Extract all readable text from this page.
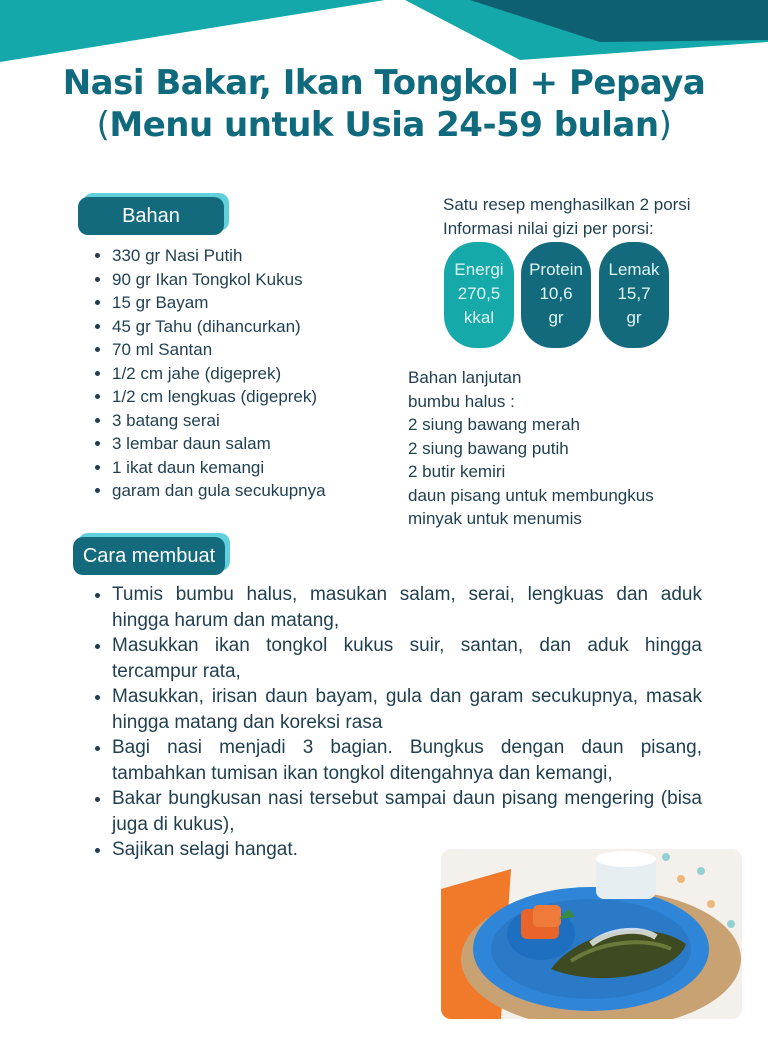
Nasi Bakar, Ikan Tongkol + Pepaya
(Menu untuk Usia 24-59 bulan)
Bahan
• 330 gr Nasi Putih
• 90 gr Ikan Tongkol Kukus
• 15 gr Bayam
• 45 gr Tahu (dihancurkan)
• 70 ml Santan
• 1/2 cm jahe (digeprek)
• 1/2 cm lengkuas (digeprek)
• 3 batang serai
• 3 lembar daun salam
• 1 ikat daun kemangi
• garam dan gula secukupnya
Satu resep menghasilkan 2 porsi
Informasi nilai gizi per porsi:
Energi
270,5
kkal
Protein
10,6
gr
Lemak
15,7
gr
Bahan lanjutan
bumbu halus :
2 siung bawang merah
2 siung bawang putih
2 butir kemiri
daun pisang untuk membungkus
minyak untuk menumis
Cara membuat
• Tumis bumbu halus, masukan salam, serai, lengkuas dan aduk hingga harum dan matang,
• Masukkan ikan tongkol kukus suir, santan, dan aduk hingga tercampur rata,
• Masukkan, irisan daun bayam, gula dan garam secukupnya, masak hingga matang dan koreksi rasa
• Bagi nasi menjadi 3 bagian. Bungkus dengan daun pisang, tambahkan tumisan ikan tongkol ditengahnya dan kemangi,
• Bakar bungkusan nasi tersebut sampai daun pisang mengering (bisa juga di kukus),
• Sajikan selagi hangat.
